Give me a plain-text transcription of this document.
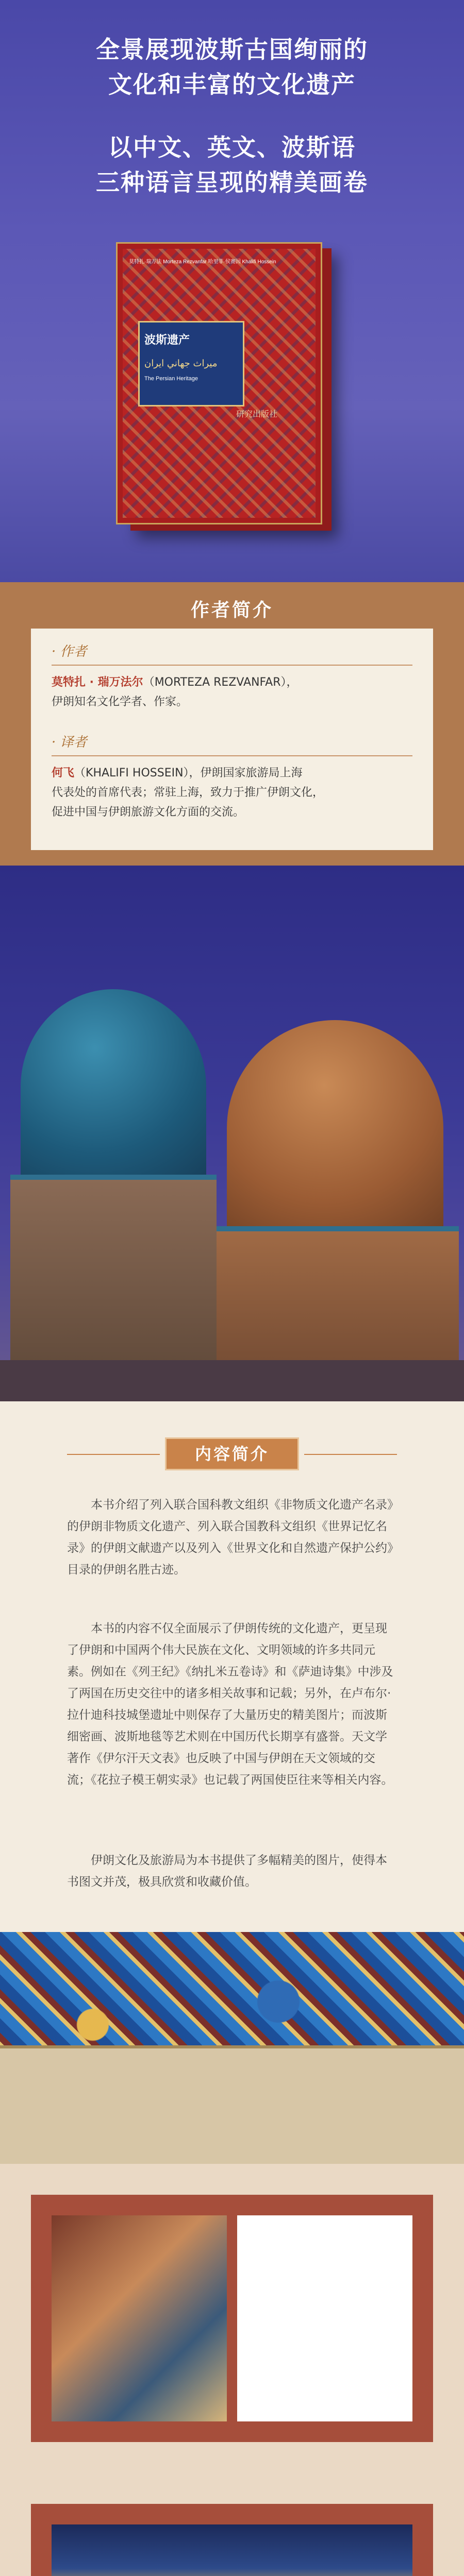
全景展现波斯古国绚丽的
文化和丰富的文化遗产
以中文、英文、波斯语
三种语言呈现的精美画卷
莫特扎·瑞万法 Morteza Rezvanfar 哈里菲·侯赛因 Khalifi Hossein
波斯遗产
ميراث جهاني ايران
The Persian Heritage
研究出版社
作者简介
· 作者
莫特扎 · 瑞万法尔（MORTEZA REZVANFAR），
伊朗知名文化学者、作家。
· 译者
何飞（KHALIFI HOSSEIN），伊朗国家旅游局上海
代表处的首席代表；常驻上海，致力于推广伊朗文化，
促进中国与伊朗旅游文化方面的交流。
内容简介

本书介绍了列入联合国科教文组织《非物质文化遗产名录》的伊朗非物质文化遗产、列入联合国教科文组织《世界记忆名录》的伊朗文献遗产以及列入《世界文化和自然遗产保护公约》目录的伊朗名胜古迹。

本书的内容不仅全面展示了伊朗传统的文化遗产，更呈现了伊朗和中国两个伟大民族在文化、文明领域的许多共同元素。例如在《列王纪》《纳扎米五卷诗》和《萨迪诗集》中涉及了两国在历史交往中的诸多相关故事和记载；另外，在卢布尔·拉什迪科技城堡遗址中则保存了大量历史的精美图片；而波斯细密画、波斯地毯等艺术则在中国历代长期享有盛誉。天文学著作《伊尔汗天文表》也反映了中国与伊朗在天文领域的交流；《花拉子模王朝实录》也记载了两国使臣往来等相关内容。

伊朗文化及旅游局为本书提供了多幅精美的图片，使得本书图文并茂，极具欣赏和收藏价值。
